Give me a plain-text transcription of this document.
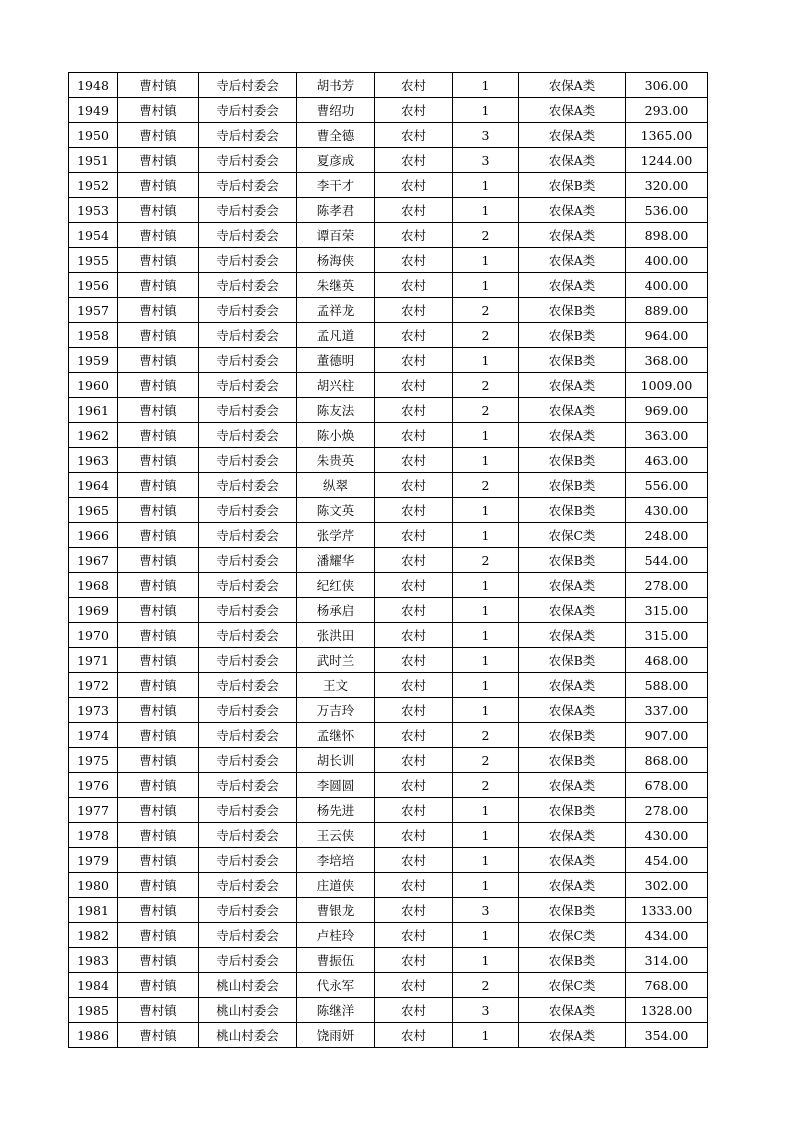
1948	曹村镇	寺后村委会	胡书芳	农村	1	农保A类	306.00
1949	曹村镇	寺后村委会	曹绍功	农村	1	农保A类	293.00
1950	曹村镇	寺后村委会	曹全德	农村	3	农保A类	1365.00
1951	曹村镇	寺后村委会	夏彦成	农村	3	农保A类	1244.00
1952	曹村镇	寺后村委会	李干才	农村	1	农保B类	320.00
1953	曹村镇	寺后村委会	陈孝君	农村	1	农保A类	536.00
1954	曹村镇	寺后村委会	谭百荣	农村	2	农保A类	898.00
1955	曹村镇	寺后村委会	杨海侠	农村	1	农保A类	400.00
1956	曹村镇	寺后村委会	朱继英	农村	1	农保A类	400.00
1957	曹村镇	寺后村委会	孟祥龙	农村	2	农保B类	889.00
1958	曹村镇	寺后村委会	孟凡道	农村	2	农保B类	964.00
1959	曹村镇	寺后村委会	董德明	农村	1	农保B类	368.00
1960	曹村镇	寺后村委会	胡兴柱	农村	2	农保A类	1009.00
1961	曹村镇	寺后村委会	陈友法	农村	2	农保A类	969.00
1962	曹村镇	寺后村委会	陈小焕	农村	1	农保A类	363.00
1963	曹村镇	寺后村委会	朱贵英	农村	1	农保B类	463.00
1964	曹村镇	寺后村委会	纵翠	农村	2	农保B类	556.00
1965	曹村镇	寺后村委会	陈文英	农村	1	农保B类	430.00
1966	曹村镇	寺后村委会	张学芹	农村	1	农保C类	248.00
1967	曹村镇	寺后村委会	潘耀华	农村	2	农保B类	544.00
1968	曹村镇	寺后村委会	纪红侠	农村	1	农保A类	278.00
1969	曹村镇	寺后村委会	杨承启	农村	1	农保A类	315.00
1970	曹村镇	寺后村委会	张洪田	农村	1	农保A类	315.00
1971	曹村镇	寺后村委会	武时兰	农村	1	农保B类	468.00
1972	曹村镇	寺后村委会	王文	农村	1	农保A类	588.00
1973	曹村镇	寺后村委会	万吉玲	农村	1	农保A类	337.00
1974	曹村镇	寺后村委会	孟继怀	农村	2	农保B类	907.00
1975	曹村镇	寺后村委会	胡长训	农村	2	农保B类	868.00
1976	曹村镇	寺后村委会	李圆圆	农村	2	农保A类	678.00
1977	曹村镇	寺后村委会	杨先进	农村	1	农保B类	278.00
1978	曹村镇	寺后村委会	王云侠	农村	1	农保A类	430.00
1979	曹村镇	寺后村委会	李培培	农村	1	农保A类	454.00
1980	曹村镇	寺后村委会	庄道侠	农村	1	农保A类	302.00
1981	曹村镇	寺后村委会	曹银龙	农村	3	农保B类	1333.00
1982	曹村镇	寺后村委会	卢桂玲	农村	1	农保C类	434.00
1983	曹村镇	寺后村委会	曹振伍	农村	1	农保B类	314.00
1984	曹村镇	桃山村委会	代永军	农村	2	农保C类	768.00
1985	曹村镇	桃山村委会	陈继洋	农村	3	农保A类	1328.00
1986	曹村镇	桃山村委会	饶雨妍	农村	1	农保A类	354.00
